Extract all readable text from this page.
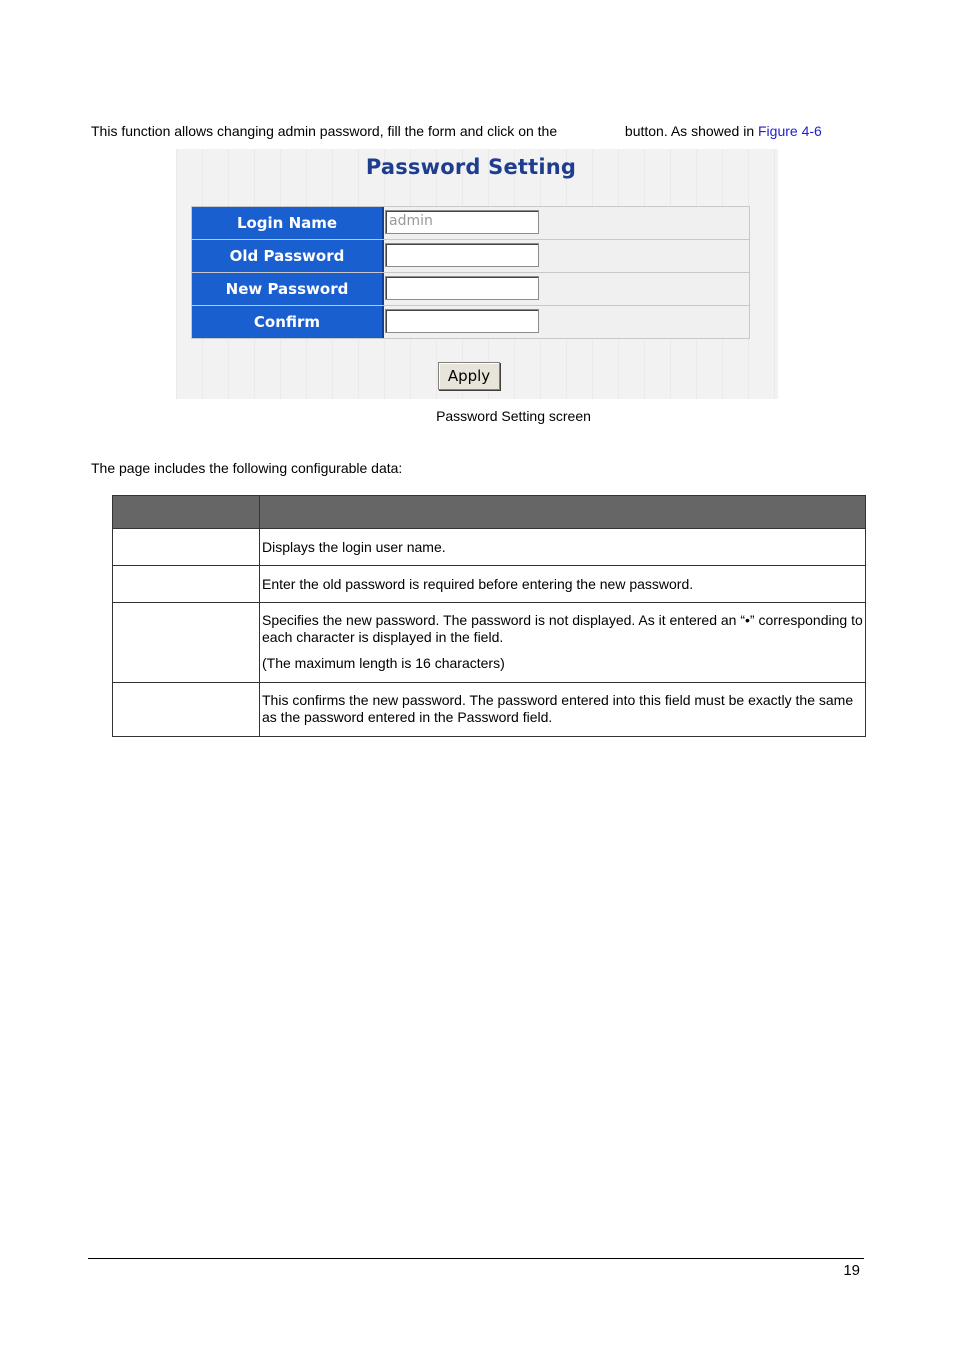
This function allows changing admin password, fill the form and click on the	button. As showed in Figure 4-6
Password Setting
Login Name	admin
Old Password
New Password
Confirm
Apply
Password Setting screen
The page includes the following configurable data:

	Displays the login user name.

	Enter the old password is required before entering the new password.

	Specifies the new password. The password is not displayed. As it entered an “•” corresponding to each character is displayed in the field.

(The maximum length is 16 characters)

	This confirms the new password. The password entered into this field must be exactly the same as the password entered in the Password field.

19
